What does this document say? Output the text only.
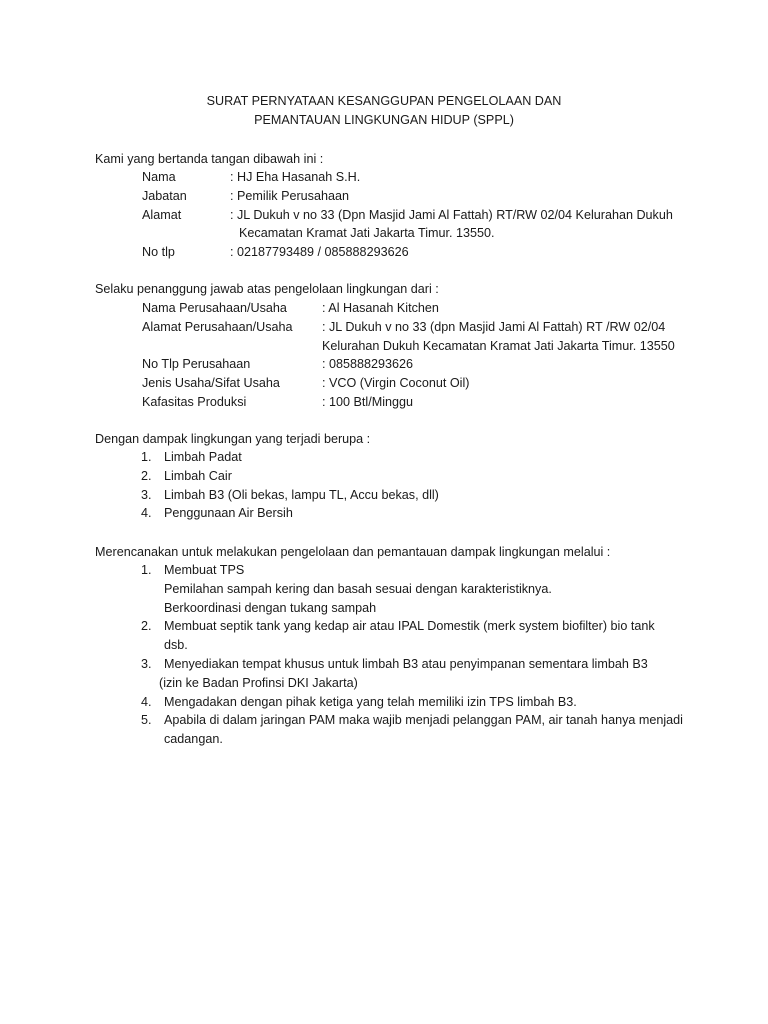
SURAT PERNYATAAN KESANGGUPAN PENGELOLAAN DAN
PEMANTAUAN LINGKUNGAN HIDUP (SPPL)
Kami yang bertanda tangan dibawah ini :
Nama	: HJ Eha Hasanah S.H.
Jabatan	: Pemilik Perusahaan
Alamat	: JL Dukuh v no 33 (Dpn Masjid Jami Al Fattah) RT/RW 02/04 Kelurahan Dukuh
Kecamatan Kramat Jati Jakarta Timur. 13550.
No tlp	: 02187793489 / 085888293626
Selaku penanggung jawab atas pengelolaan lingkungan dari :
Nama Perusahaan/Usaha	: Al Hasanah Kitchen
Alamat Perusahaan/Usaha	: JL Dukuh v no 33 (dpn Masjid Jami Al Fattah) RT /RW 02/04
Kelurahan Dukuh Kecamatan Kramat Jati Jakarta Timur. 13550
No Tlp Perusahaan	: 085888293626
Jenis Usaha/Sifat Usaha	: VCO (Virgin Coconut Oil)
Kafasitas Produksi	: 100 Btl/Minggu
Dengan dampak lingkungan yang terjadi berupa :
1. Limbah Padat
2. Limbah Cair
3. Limbah B3 (Oli bekas, lampu TL, Accu bekas, dll)
4. Penggunaan Air Bersih
Merencanakan untuk melakukan pengelolaan dan pemantauan dampak lingkungan melalui :
1. Membuat TPS
Pemilahan sampah kering dan basah sesuai dengan karakteristiknya.
Berkoordinasi dengan tukang sampah
2. Membuat septik tank yang kedap air atau IPAL Domestik (merk system biofilter) bio tank
dsb.
3. Menyediakan tempat khusus untuk limbah B3 atau penyimpanan sementara limbah B3
(izin ke Badan Profinsi DKI Jakarta)
4. Mengadakan dengan pihak ketiga yang telah memiliki izin TPS limbah B3.
5. Apabila di dalam jaringan PAM maka wajib menjadi pelanggan PAM, air tanah hanya menjadi
cadangan.
